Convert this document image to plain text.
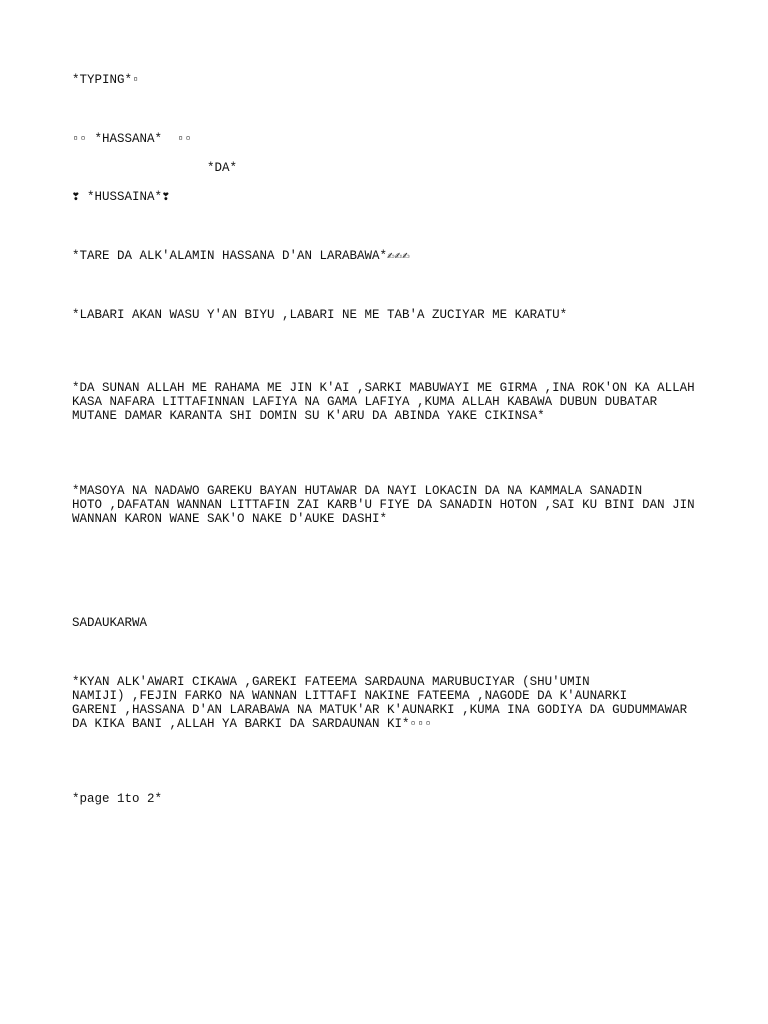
*TYPING*▫

▫▫ *HASSANA*  ▫▫

*DA*

❣ *HUSSAINA*❣

*TARE DA ALK'ALAMIN HASSANA D'AN LARABAWA*✍✍✍

*LABARI AKAN WASU Y'AN BIYU ,LABARI NE ME TAB'A ZUCIYAR ME KARATU*

*DA SUNAN ALLAH ME RAHAMA ME JIN K'AI ,SARKI MABUWAYI ME GIRMA ,INA ROK'ON KA ALLAH
KASA NAFARA LITTAFINNAN LAFIYA NA GAMA LAFIYA ,KUMA ALLAH KABAWA DUBUN DUBATAR
MUTANE DAMAR KARANTA SHI DOMIN SU K'ARU DA ABINDA YAKE CIKINSA*
*MASOYA NA NADAWO GAREKU BAYAN HUTAWAR DA NAYI LOKACIN DA NA KAMMALA SANADIN
HOTO ,DAFATAN WANNAN LITTAFIN ZAI KARB'U FIYE DA SANADIN HOTON ,SAI KU BINI DAN JIN
WANNAN KARON WANE SAK'O NAKE D'AUKE DASHI*

SADAUKARWA

*KYAN ALK'AWARI CIKAWA ,GAREKI FATEEMA SARDAUNA MARUBUCIYAR (SHU'UMIN
NAMIJI) ,FEJIN FARKO NA WANNAN LITTAFI NAKINE FATEEMA ,NAGODE DA K'AUNARKI
GARENI ,HASSANA D'AN LARABAWA NA MATUK'AR K'AUNARKI ,KUMA INA GODIYA DA GUDUMMAWAR
DA KIKA BANI ,ALLAH YA BARKI DA SARDAUNAN KI*▫▫▫

*page 1to 2*
